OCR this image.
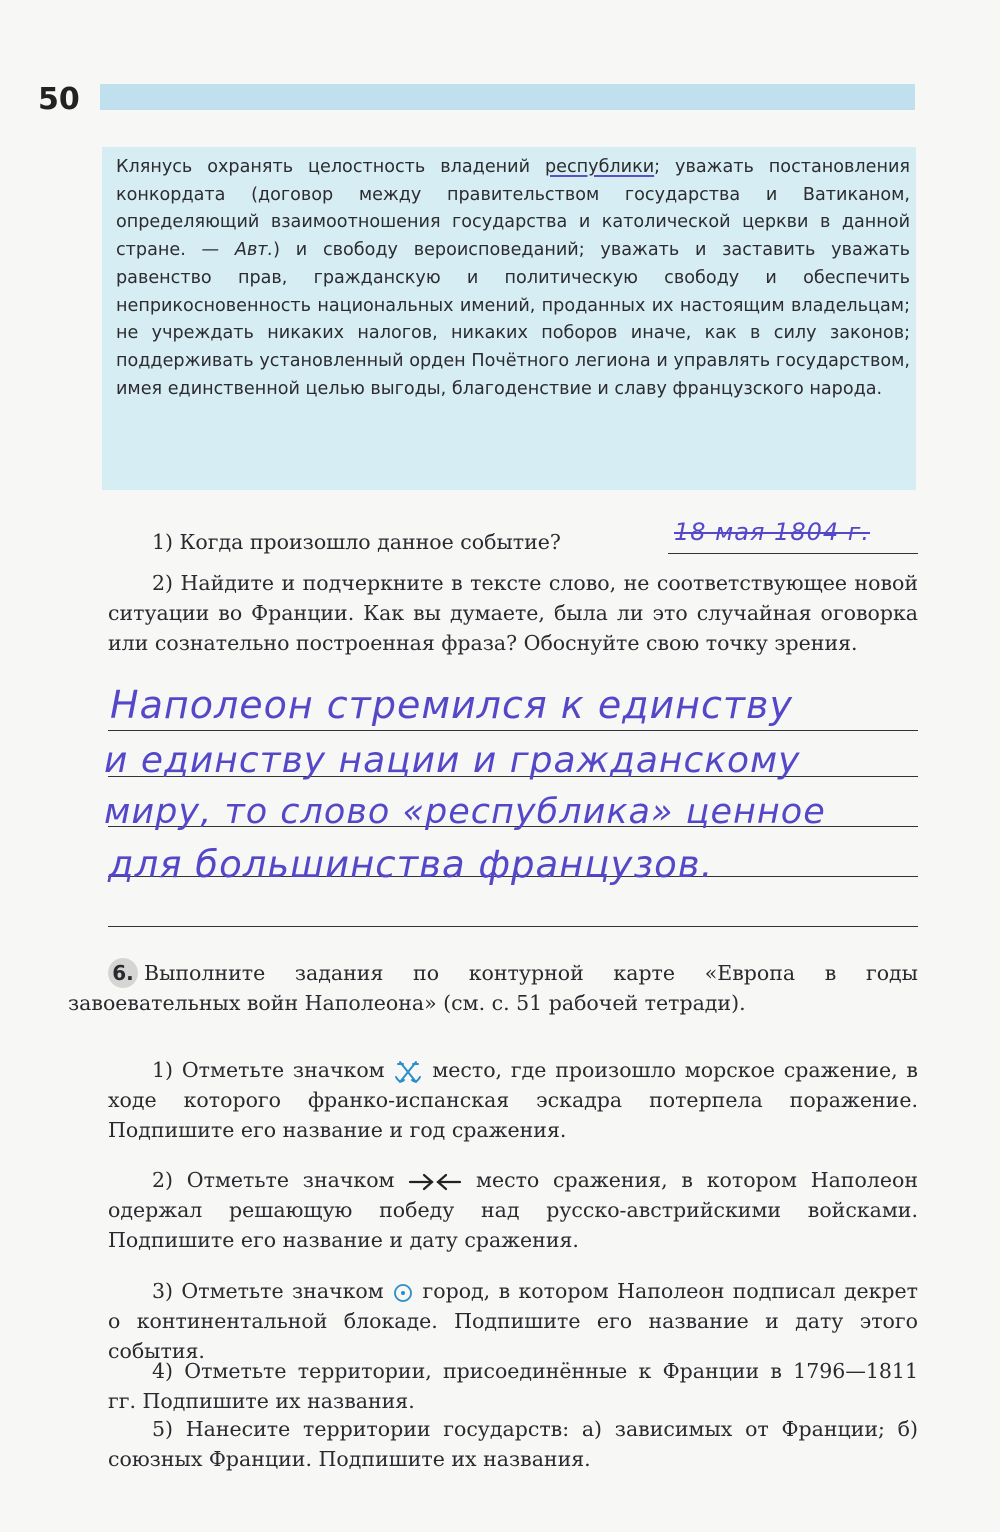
50

Клянусь охранять целостность владений республики; уважать постановления конкордата (договор между правительством государства и Ватиканом, определяющий взаимоотношения государства и католической церкви в данной стране. — Авт.) и свободу вероисповеданий; уважать и заставить уважать равенство прав, гражданскую и политическую свободу и обеспечить неприкосновенность национальных имений, проданных их настоящим владельцам; не учреждать никаких налогов, никаких поборов иначе, как в силу законов; поддерживать установленный орден Почётного легиона и управлять государством, имея единственной целью выгоды, благоденствие и славу французского народа.

1) Когда произошло данное событие?	18 мая 1804 г.

2) Найдите и подчеркните в тексте слово, не соответствующее новой ситуации во Франции. Как вы думаете, была ли это случайная оговорка или сознательно построенная фраза? Обоснуйте свою точку зрения.

Наполеон стремился к единству
и единству нации и гражданскому
миру, то слово «республика» ценное
для большинства французов.

6. Выполните задания по контурной карте «Европа в годы завоевательных войн Наполеона» (см. с. 51 рабочей тетради).

1) Отметьте значком место, где произошло морское сражение, в ходе которого франко-испанская эскадра потерпела поражение. Подпишите его название и год сражения.

2) Отметьте значком	место сражения, в котором Наполеон одержал решающую победу над русско-австрийскими войсками. Подпишите его название и дату сражения.

3) Отметьте значком город, в котором Наполеон подписал декрет о континентальной блокаде. Подпишите его название и дату этого события.

4) Отметьте территории, присоединённые к Франции в 1796—1811 гг. Подпишите их названия.

5) Нанесите территории государств: а) зависимых от Франции; б) союзных Франции. Подпишите их названия.
